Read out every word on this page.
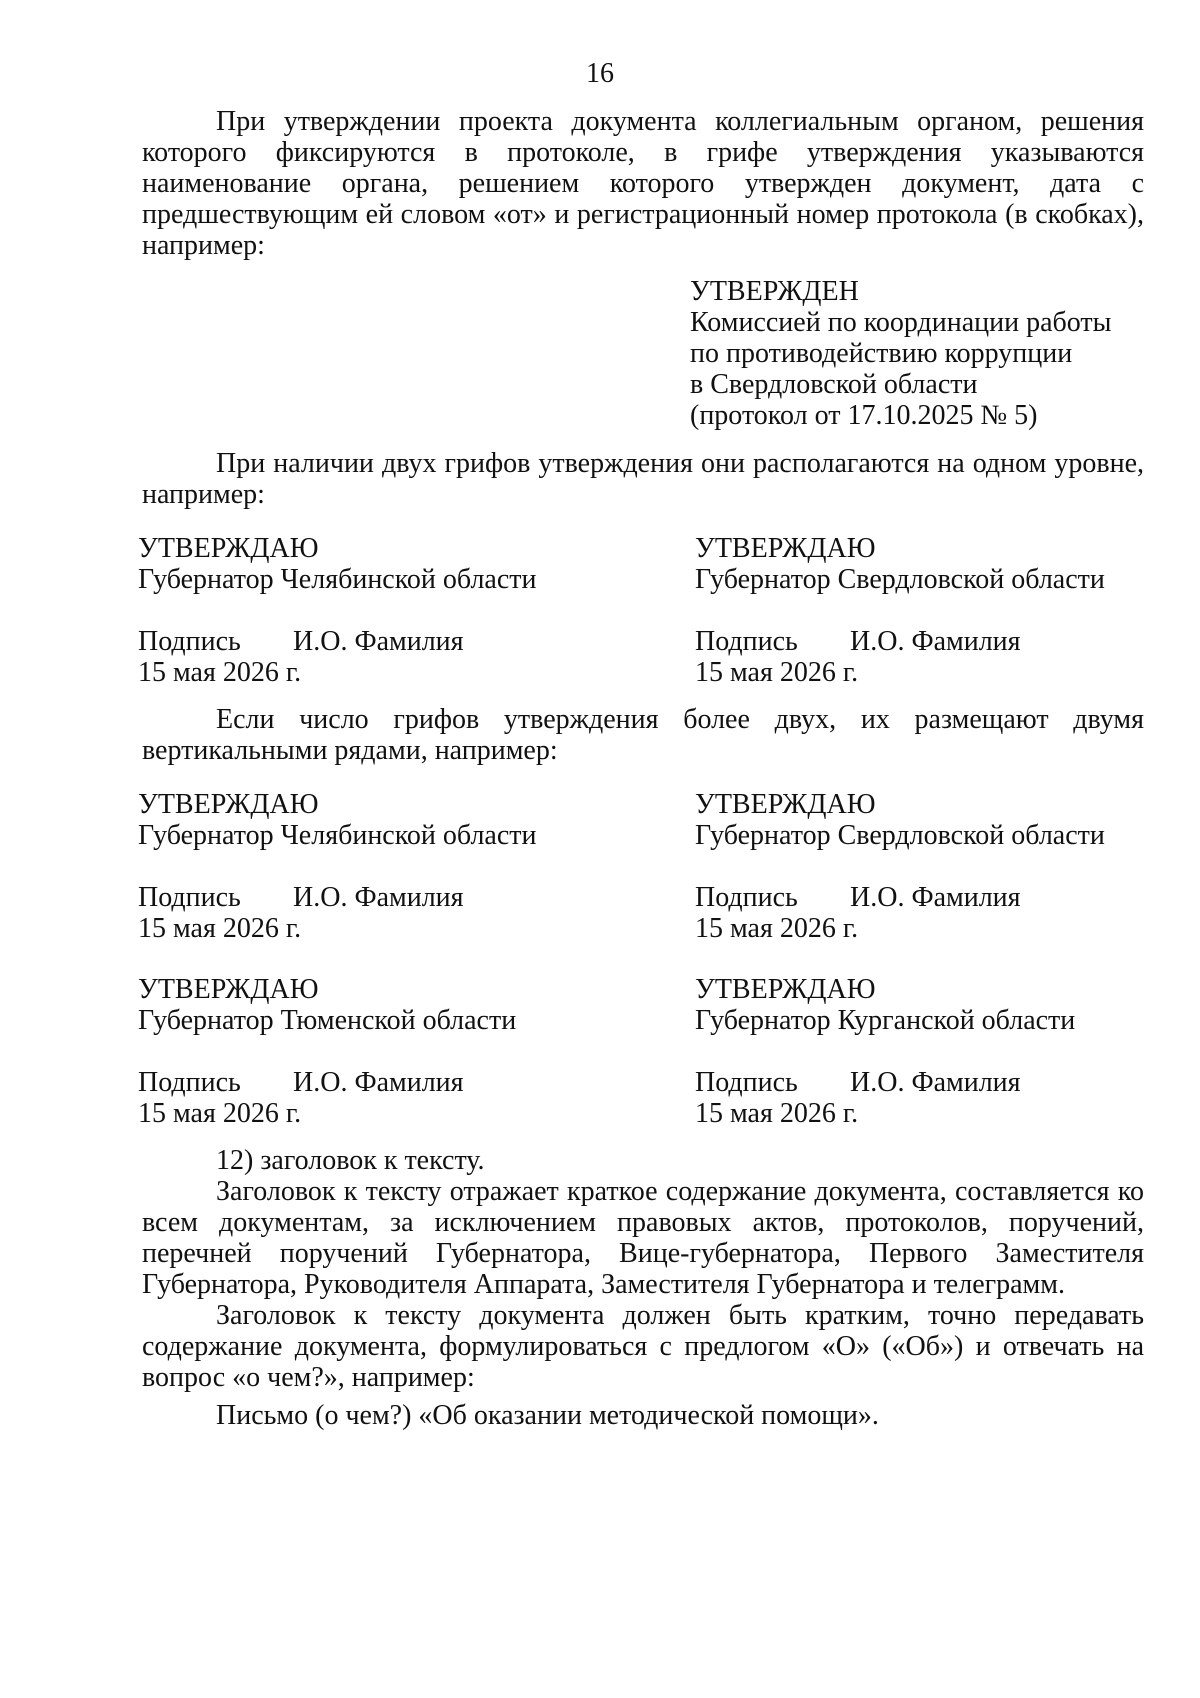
16
При утверждении проекта документа коллегиальным органом, решения которого фиксируются в протоколе, в грифе утверждения указываются наименование органа, решением которого утвержден документ, дата с предшествующим ей словом «от» и регистрационный номер протокола (в скобках), например:
УТВЕРЖДЕН
Комиссией по координации работы
по противодействию коррупции
в Свердловской области
(протокол от 17.10.2025 № 5)
При наличии двух грифов утверждения они располагаются на одном уровне, например:
УТВЕРЖДАЮ
Губернатор Челябинской области
Подпись И.О. Фамилия
15 мая 2026 г.
УТВЕРЖДАЮ
Губернатор Свердловской области
Подпись И.О. Фамилия
15 мая 2026 г.
Если число грифов утверждения более двух, их размещают двумя вертикальными рядами, например:
УТВЕРЖДАЮ
Губернатор Челябинской области
Подпись И.О. Фамилия
15 мая 2026 г.
УТВЕРЖДАЮ
Губернатор Свердловской области
Подпись И.О. Фамилия
15 мая 2026 г.
УТВЕРЖДАЮ
Губернатор Тюменской области
Подпись И.О. Фамилия
15 мая 2026 г.
УТВЕРЖДАЮ
Губернатор Курганской области
Подпись И.О. Фамилия
15 мая 2026 г.
12) заголовок к тексту.
Заголовок к тексту отражает краткое содержание документа, составляется ко всем документам, за исключением правовых актов, протоколов, поручений, перечней поручений Губернатора, Вице-губернатора, Первого Заместителя Губернатора, Руководителя Аппарата, Заместителя Губернатора и телеграмм.
Заголовок к тексту документа должен быть кратким, точно передавать содержание документа, формулироваться с предлогом «О» («Об») и отвечать на вопрос «о чем?», например:
Письмо (о чем?) «Об оказании методической помощи».
